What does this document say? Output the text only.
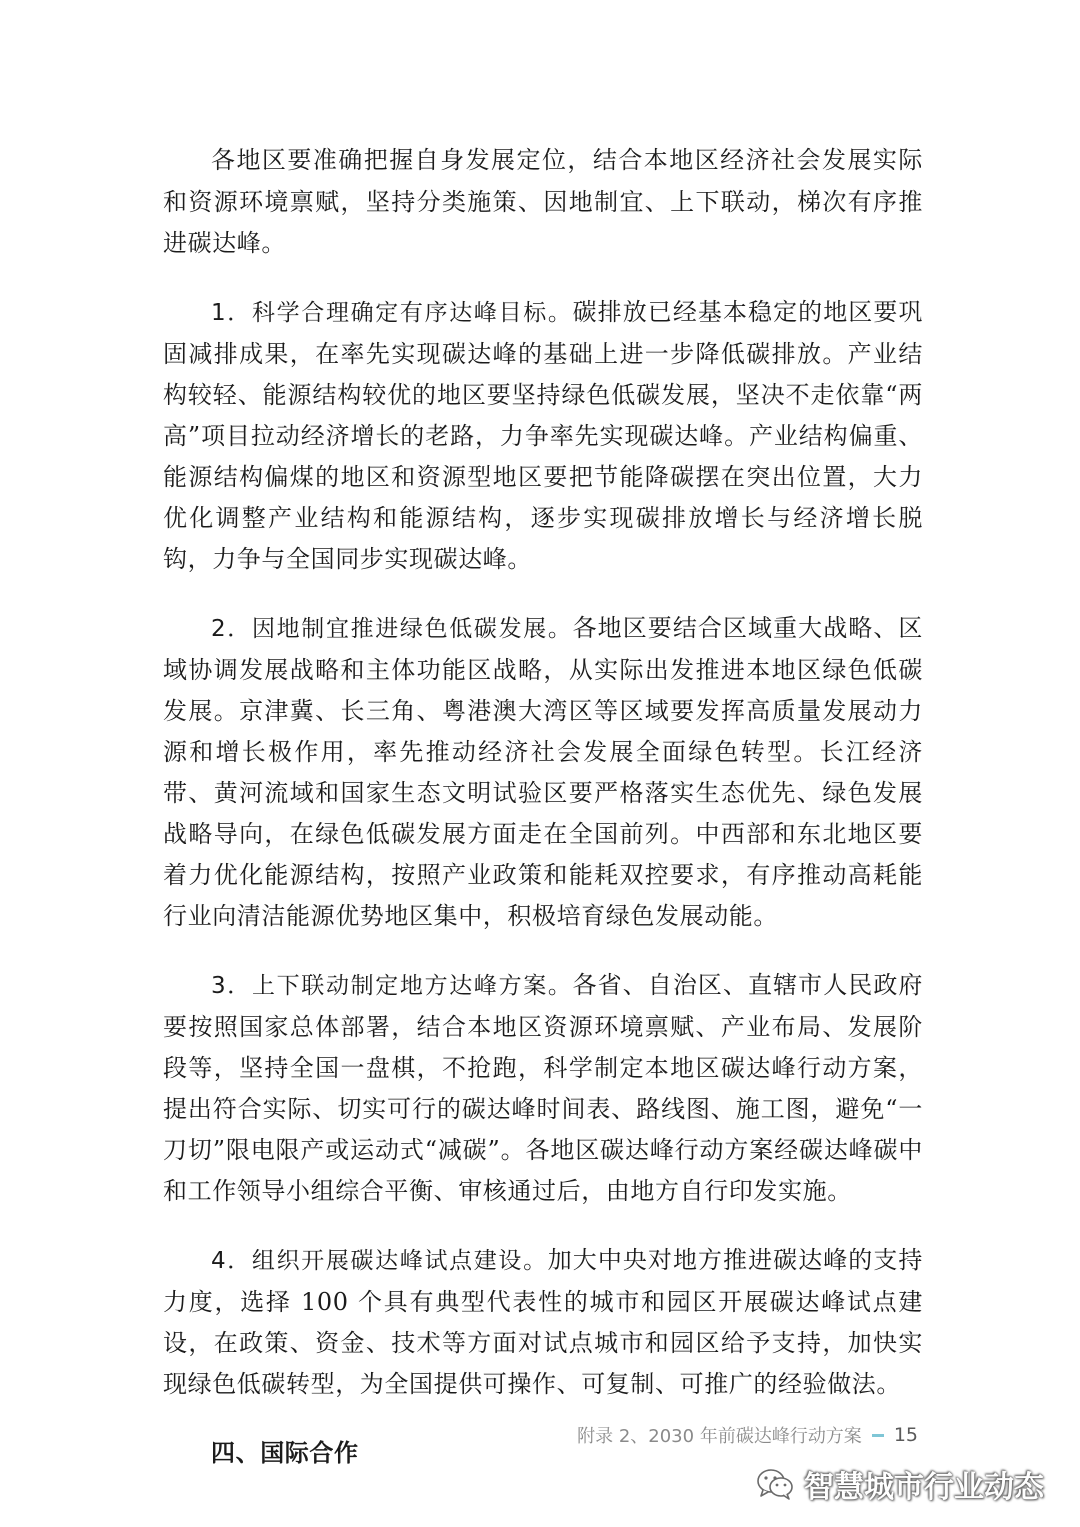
各地区要准确把握自身发展定位，结合本地区经济社会发展实际和资源环境禀赋，坚持分类施策、因地制宜、上下联动，梯次有序推进碳达峰。

1．科学合理确定有序达峰目标。碳排放已经基本稳定的地区要巩固减排成果，在率先实现碳达峰的基础上进一步降低碳排放。产业结构较轻、能源结构较优的地区要坚持绿色低碳发展，坚决不走依靠“两高”项目拉动经济增长的老路，力争率先实现碳达峰。产业结构偏重、能源结构偏煤的地区和资源型地区要把节能降碳摆在突出位置，大力优化调整产业结构和能源结构，逐步实现碳排放增长与经济增长脱钩，力争与全国同步实现碳达峰。

2．因地制宜推进绿色低碳发展。各地区要结合区域重大战略、区域协调发展战略和主体功能区战略，从实际出发推进本地区绿色低碳发展。京津冀、长三角、粤港澳大湾区等区域要发挥高质量发展动力源和增长极作用，率先推动经济社会发展全面绿色转型。长江经济带、黄河流域和国家生态文明试验区要严格落实生态优先、绿色发展战略导向，在绿色低碳发展方面走在全国前列。中西部和东北地区要着力优化能源结构，按照产业政策和能耗双控要求，有序推动高耗能行业向清洁能源优势地区集中，积极培育绿色发展动能。

3．上下联动制定地方达峰方案。各省、自治区、直辖市人民政府要按照国家总体部署，结合本地区资源环境禀赋、产业布局、发展阶段等，坚持全国一盘棋，不抢跑，科学制定本地区碳达峰行动方案，提出符合实际、切实可行的碳达峰时间表、路线图、施工图，避免“一刀切”限电限产或运动式“减碳”。各地区碳达峰行动方案经碳达峰碳中和工作领导小组综合平衡、审核通过后，由地方自行印发实施。

4．组织开展碳达峰试点建设。加大中央对地方推进碳达峰的支持力度，选择 100 个具有典型代表性的城市和园区开展碳达峰试点建设，在政策、资金、技术等方面对试点城市和园区给予支持，加快实现绿色低碳转型，为全国提供可操作、可复制、可推广的经验做法。

四、国际合作

附录 2、2030 年前碳达峰行动方案 15
智慧城市行业动态
